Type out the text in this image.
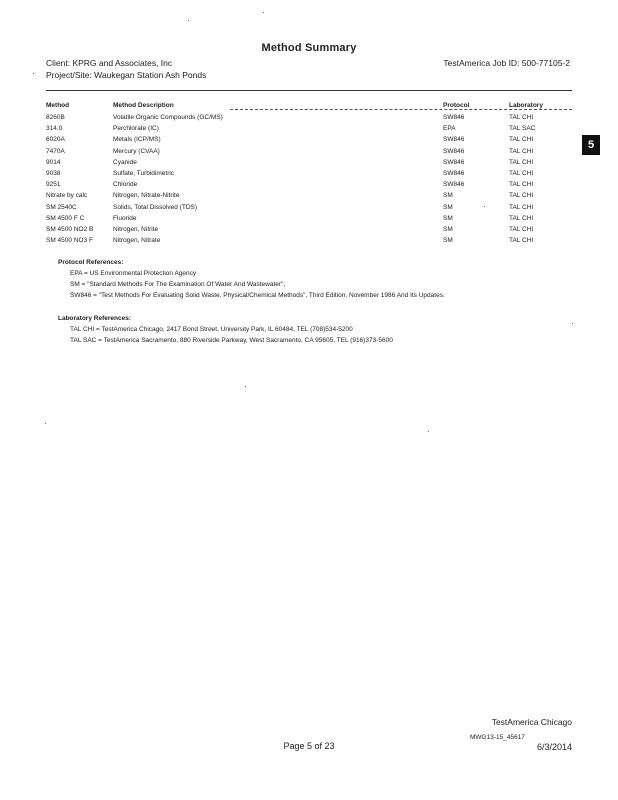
Method Summary
Client: KPRG and Associates, Inc
Project/Site: Waukegan Station Ash Ponds
TestAmerica Job ID: 500-77105-2
Method	Method Description	Protocol	Laboratory
8260B	Volatile Organic Compounds (GC/MS)	SW846	TAL CHI
314.0	Perchlorate (IC)	EPA	TAL SAC
6020A	Metals (ICP/MS)	SW846	TAL CHI
7470A	Mercury (CVAA)	SW846	TAL CHI
9014	Cyanide	SW846	TAL CHI
9038	Sulfate, Turbidimetric	SW846	TAL CHI
9251	Chloride	SW846	TAL CHI
Nitrate by calc	Nitrogen, Nitrate-Nitrite	SM	TAL CHI
SM 2540C	Solids, Total Dissolved (TDS)	SM	TAL CHI
SM 4500 F C	Fluoride	SM	TAL CHI
SM 4500 NO2 B	Nitrogen, Nitrite	SM	TAL CHI
SM 4500 NO3 F	Nitrogen, Nitrate	SM	TAL CHI
5
Protocol References:
EPA = US Environmental Protection Agency
SM = "Standard Methods For The Examination Of Water And Wastewater",
SW846 = "Test Methods For Evaluating Solid Waste, Physical/Chemical Methods", Third Edition, November 1986 And Its Updates.
Laboratory References:
TAL CHI = TestAmerica Chicago, 2417 Bond Street, University Park, IL 60484, TEL (708)534-5200
TAL SAC = TestAmerica Sacramento, 880 Riverside Parkway, West Sacramento, CA 95605, TEL (916)373-5600
TestAmerica Chicago
MWG13-15_45617
Page 5 of 23	6/3/2014
